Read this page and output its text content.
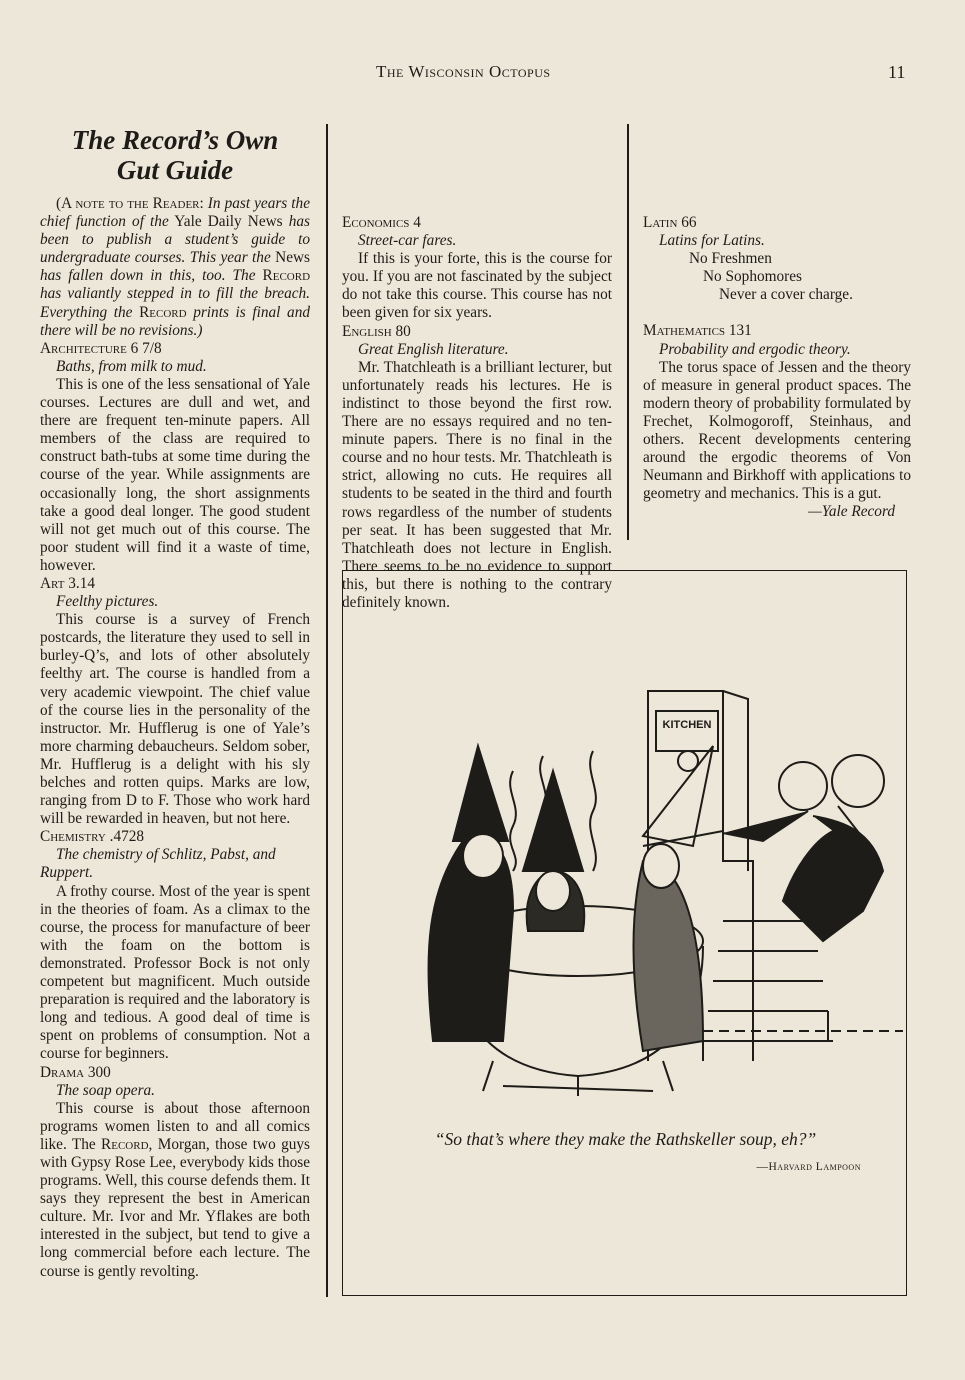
The Wisconsin Octopus	11
The Record’s Own
Gut Guide

(A note to the Reader: In past years the chief function of the Yale Daily News has been to publish a student’s guide to undergraduate courses. This year the News has fallen down in this, too. The Record has valiantly stepped in to fill the breach. Everything the Record prints is final and there will be no revisions.)

Architecture 6 7/8

Baths, from milk to mud.

This is one of the less sensational of Yale courses. Lectures are dull and wet, and there are frequent ten-minute papers. All members of the class are required to construct bath-tubs at some time during the course of the year. While assignments are occasionally long, the short assignments take a good deal longer. The good student will not get much out of this course. The poor student will find it a waste of time, however.

Art 3.14

Feelthy pictures.

This course is a survey of French postcards, the literature they used to sell in burley-Q’s, and lots of other absolutely feelthy art. The course is handled from a very academic viewpoint. The chief value of the course lies in the personality of the instructor. Mr. Hufflerug is one of Yale’s more charming debaucheurs. Seldom sober, Mr. Hufflerug is a delight with his sly belches and rotten quips. Marks are low, ranging from D to F. Those who work hard will be rewarded in heaven, but not here.

Chemistry .4728

The chemistry of Schlitz, Pabst, and Ruppert.

A frothy course. Most of the year is spent in the theories of foam. As a climax to the course, the process for manufacture of beer with the foam on the bottom is demonstrated. Professor Bock is not only competent but magnificent. Much outside preparation is required and the laboratory is long and tedious. A good deal of time is spent on problems of consumption. Not a course for beginners.

Drama 300

The soap opera.

This course is about those afternoon programs women listen to and all comics like. The Record, Morgan, those two guys with Gypsy Rose Lee, everybody kids those programs. Well, this course defends them. It says they represent the best in American culture. Mr. Ivor and Mr. Yflakes are both interested in the subject, but tend to give a long commercial before each lecture. The course is gently revolting.

Economics 4

Street-car fares.

If this is your forte, this is the course for you. If you are not fascinated by the subject do not take this course. This course has not been given for six years.

English 80

Great English literature.

Mr. Thatchleath is a brilliant lecturer, but unfortunately reads his lectures. He is indistinct to those beyond the first row. There are no essays required and no ten-minute papers. There is no final in the course and no hour tests. Mr. Thatchleath is strict, allowing no cuts. He requires all students to be seated in the third and fourth rows regardless of the number of students per seat. It has been suggested that Mr. Thatchleath does not lecture in English. There seems to be no evidence to support this, but there is nothing to the contrary definitely known.

Latin 66

Latins for Latins.

No Freshmen

No Sophomores

Never a cover charge.

Mathematics 131

Probability and ergodic theory.

The torus space of Jessen and the theory of measure in general product spaces. The modern theory of probability formulated by Frechet, Kolmogoroff, Steinhaus, and others. Recent developments centering around the ergodic theorems of Von Neumann and Birkhoff with applications to geometry and mechanics. This is a gut.

—Yale Record

“So that’s where they make the Rathskeller soup, eh?”
—Harvard Lampoon
KITCHEN
